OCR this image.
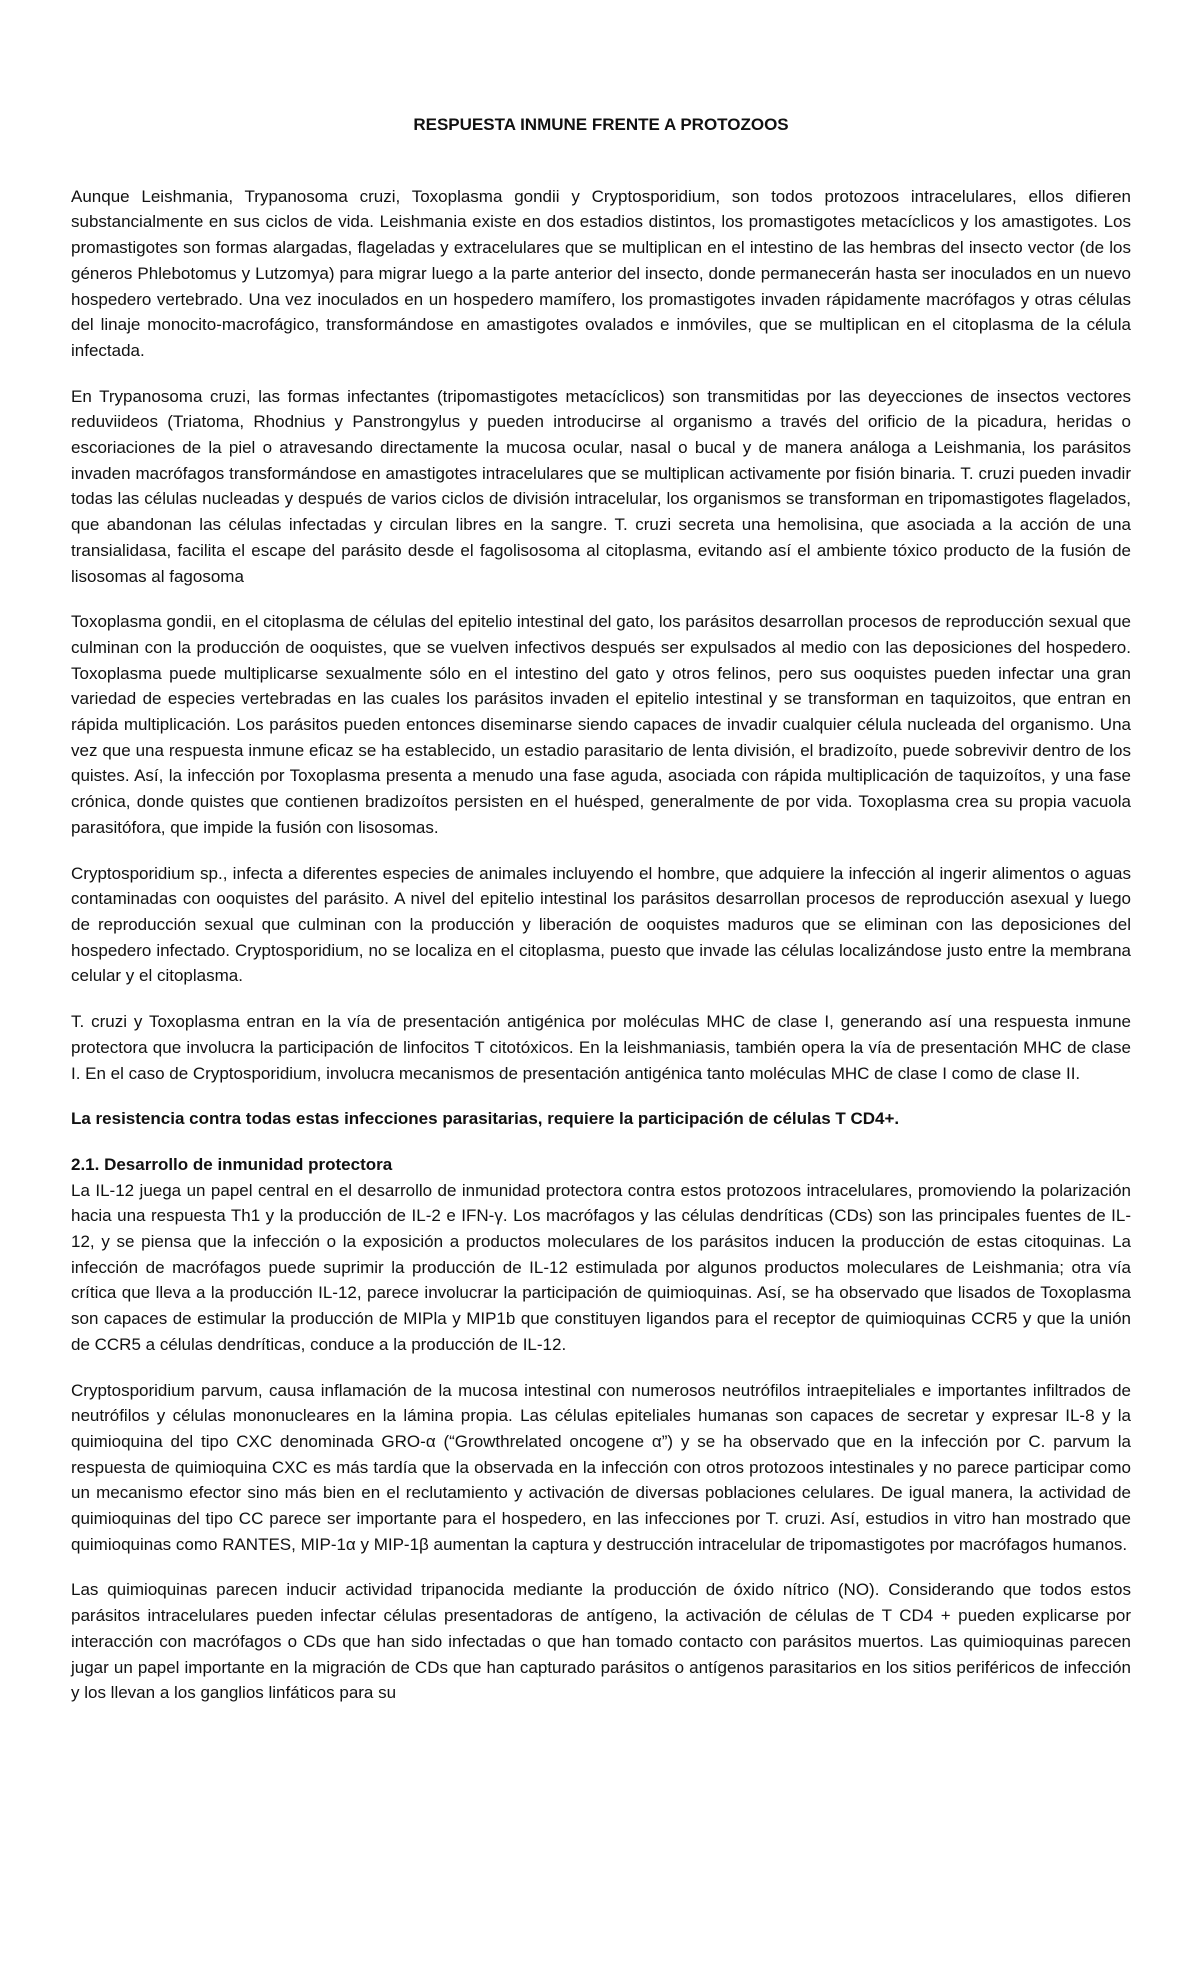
RESPUESTA INMUNE FRENTE A PROTOZOOS

Aunque Leishmania, Trypanosoma cruzi, Toxoplasma gondii y Cryptosporidium, son todos protozoos intracelulares, ellos difieren substancialmente en sus ciclos de vida. Leishmania existe en dos estadios distintos, los promastigotes metacíclicos y los amastigotes. Los promastigotes son formas alargadas, flageladas y extracelulares que se multiplican en el intestino de las hembras del insecto vector (de los géneros Phlebotomus y Lutzomya) para migrar luego a la parte anterior del insecto, donde permanecerán hasta ser inoculados en un nuevo hospedero vertebrado. Una vez inoculados en un hospedero mamífero, los promastigotes invaden rápidamente macrófagos y otras células del linaje monocito-macrofágico, transformándose en amastigotes ovalados e inmóviles, que se multiplican en el citoplasma de la célula infectada.

En Trypanosoma cruzi, las formas infectantes (tripomastigotes metacíclicos) son transmitidas por las deyecciones de insectos vectores reduviideos (Triatoma, Rhodnius y Panstrongylus y pueden introducirse al organismo a través del orificio de la picadura, heridas o escoriaciones de la piel o atravesando directamente la mucosa ocular, nasal o bucal y de manera análoga a Leishmania, los parásitos invaden macrófagos transformándose en amastigotes intracelulares que se multiplican activamente por fisión binaria. T. cruzi pueden invadir todas las células nucleadas y después de varios ciclos de división intracelular, los organismos se transforman en tripomastigotes flagelados, que abandonan las células infectadas y circulan libres en la sangre. T. cruzi secreta una hemolisina, que asociada a la acción de una transialidasa, facilita el escape del parásito desde el fagolisosoma al citoplasma, evitando así el ambiente tóxico producto de la fusión de lisosomas al fagosoma

Toxoplasma gondii, en el citoplasma de células del epitelio intestinal del gato, los parásitos desarrollan procesos de reproducción sexual que culminan con la producción de ooquistes, que se vuelven infectivos después ser expulsados al medio con las deposiciones del hospedero. Toxoplasma puede multiplicarse sexualmente sólo en el intestino del gato y otros felinos, pero sus ooquistes pueden infectar una gran variedad de especies vertebradas en las cuales los parásitos invaden el epitelio intestinal y se transforman en taquizoitos, que entran en rápida multiplicación. Los parásitos pueden entonces diseminarse siendo capaces de invadir cualquier célula nucleada del organismo. Una vez que una respuesta inmune eficaz se ha establecido, un estadio parasitario de lenta división, el bradizoíto, puede sobrevivir dentro de los quistes. Así, la infección por Toxoplasma presenta a menudo una fase aguda, asociada con rápida multiplicación de taquizoítos, y una fase crónica, donde quistes que contienen bradizoítos persisten en el huésped, generalmente de por vida. Toxoplasma crea su propia vacuola parasitófora, que impide la fusión con lisosomas.

Cryptosporidium sp., infecta a diferentes especies de animales incluyendo el hombre, que adquiere la infección al ingerir alimentos o aguas contaminadas con ooquistes del parásito. A nivel del epitelio intestinal los parásitos desarrollan procesos de reproducción asexual y luego de reproducción sexual que culminan con la producción y liberación de ooquistes maduros que se eliminan con las deposiciones del hospedero infectado. Cryptosporidium, no se localiza en el citoplasma, puesto que invade las células localizándose justo entre la membrana celular y el citoplasma.

T. cruzi y Toxoplasma entran en la vía de presentación antigénica por moléculas MHC de clase I, generando así una respuesta inmune protectora que involucra la participación de linfocitos T citotóxicos. En la leishmaniasis, también opera la vía de presentación MHC de clase I. En el caso de Cryptosporidium, involucra mecanismos de presentación antigénica tanto moléculas MHC de clase I como de clase II.

La resistencia contra todas estas infecciones parasitarias, requiere la participación de células T CD4+.

2.1. Desarrollo de inmunidad protectora

La IL-12 juega un papel central en el desarrollo de inmunidad protectora contra estos protozoos intracelulares, promoviendo la polarización hacia una respuesta Th1 y la producción de IL-2 e IFN-γ. Los macrófagos y las células dendríticas (CDs) son las principales fuentes de IL-12, y se piensa que la infección o la exposición a productos moleculares de los parásitos inducen la producción de estas citoquinas. La infección de macrófagos puede suprimir la producción de IL-12 estimulada por algunos productos moleculares de Leishmania; otra vía crítica que lleva a la producción IL-12, parece involucrar la participación de quimioquinas. Así, se ha observado que lisados de Toxoplasma son capaces de estimular la producción de MIPla y MIP1b que constituyen ligandos para el receptor de quimioquinas CCR5 y que la unión de CCR5 a células dendríticas, conduce a la producción de IL-12.

Cryptosporidium parvum, causa inflamación de la mucosa intestinal con numerosos neutrófilos intraepiteliales e importantes infiltrados de neutrófilos y células mononucleares en la lámina propia. Las células epiteliales humanas son capaces de secretar y expresar IL-8 y la quimioquina del tipo CXC denominada GRO-α (“Growthrelated oncogene α”) y se ha observado que en la infección por C. parvum la respuesta de quimioquina CXC es más tardía que la observada en la infección con otros protozoos intestinales y no parece participar como un mecanismo efector sino más bien en el reclutamiento y activación de diversas poblaciones celulares. De igual manera, la actividad de quimioquinas del tipo CC parece ser importante para el hospedero, en las infecciones por T. cruzi. Así, estudios in vitro han mostrado que quimioquinas como RANTES, MIP-1α y MIP-1β aumentan la captura y destrucción intracelular de tripomastigotes por macrófagos humanos.

Las quimioquinas parecen inducir actividad tripanocida mediante la producción de óxido nítrico (NO). Considerando que todos estos parásitos intracelulares pueden infectar células presentadoras de antígeno, la activación de células de T CD4 + pueden explicarse por interacción con macrófagos o CDs que han sido infectadas o que han tomado contacto con parásitos muertos. Las quimioquinas parecen jugar un papel importante en la migración de CDs que han capturado parásitos o antígenos parasitarios en los sitios periféricos de infección y los llevan a los ganglios linfáticos para su
